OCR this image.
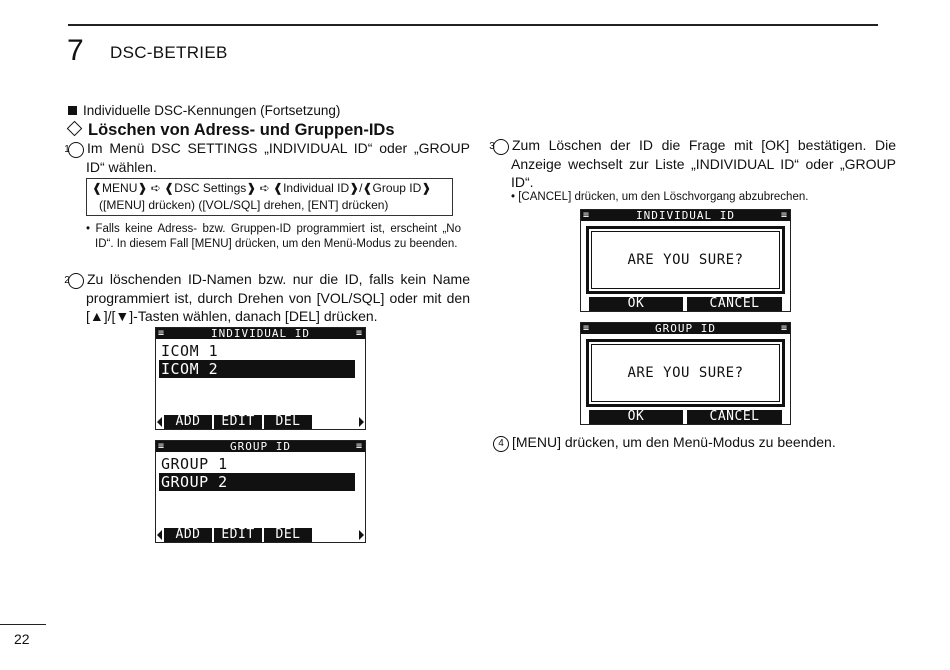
7 DSC-BETRIEB
Individuelle DSC-Kennungen (Fortsetzung)
Löschen von Adress- und Gruppen-IDs
1 Im Menü DSC SETTINGS „INDIVIDUAL ID“ oder „GROUP ID“ wählen.
❰MENU❱ ➪ ❰DSC Settings❱ ➪ ❰Individual ID❱/❰Group ID❱
([MENU] drücken) ([VOL/SQL] drehen, [ENT] drücken)
• Falls keine Adress- bzw. Gruppen-ID programmiert ist, erscheint „No ID“. In diesem Fall [MENU] drücken, um den Menü-Modus zu beenden.
2 Zu löschenden ID-Namen bzw. nur die ID, falls kein Name programmiert ist, durch Drehen von [VOL/SQL] oder mit den [▲]/[▼]-Tasten wählen, danach [DEL] drücken.
≡	INDIVIDUAL ID	≡
ICOM 1
ICOM 2
ADD	EDIT	DEL
≡	GROUP ID	≡
GROUP 1
GROUP 2
ADD	EDIT	DEL
3 Zum Löschen der ID die Frage mit [OK] bestätigen. Die Anzeige wechselt zur Liste „INDIVIDUAL ID“ oder „GROUP ID“.
• [CANCEL] drücken, um den Löschvorgang abzubrechen.
≡	INDIVIDUAL ID	≡
ARE YOU SURE?
OK	CANCEL
≡	GROUP ID	≡
ARE YOU SURE?
OK	CANCEL
4 [MENU] drücken, um den Menü-Modus zu beenden.
22
